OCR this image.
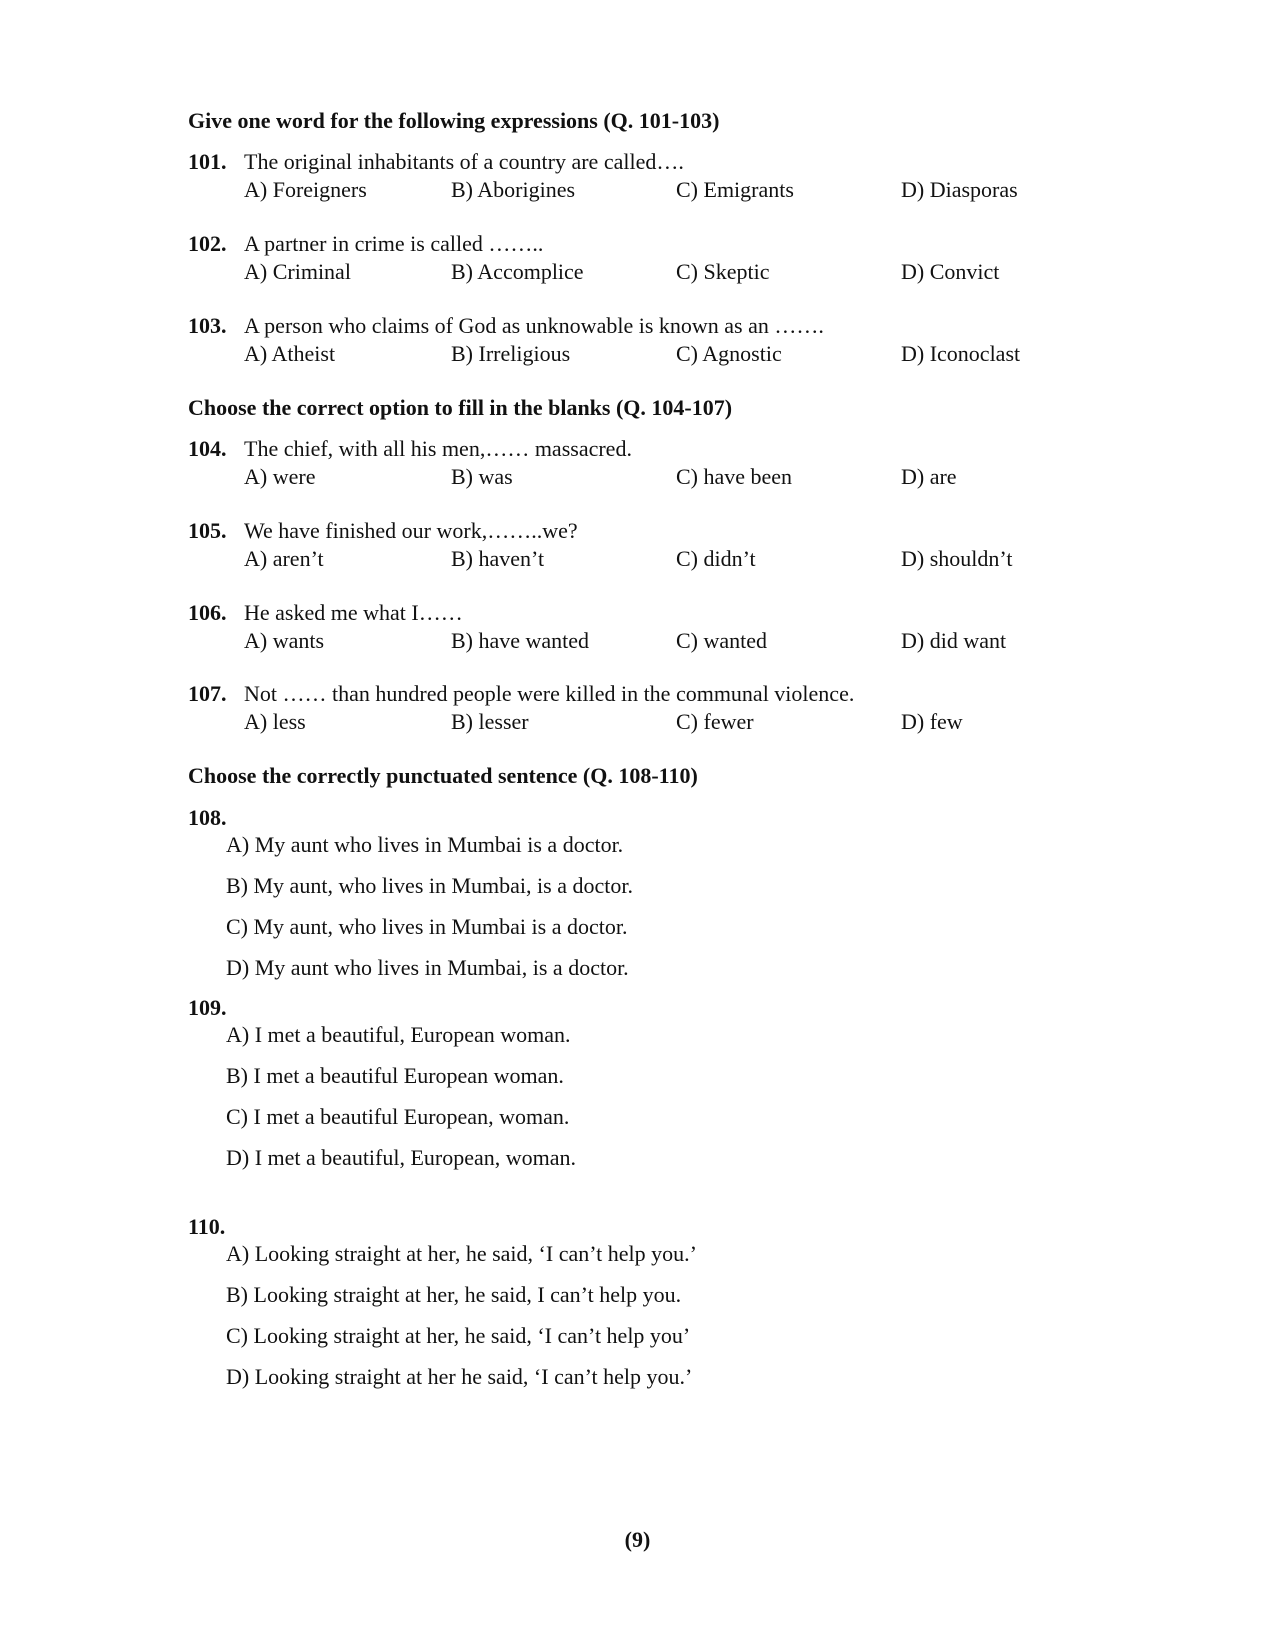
Give one word for the following expressions (Q. 101-103)
101. The original inhabitants of a country are called….
A) Foreigners	B) Aborigines	C) Emigrants	D) Diasporas
102. A partner in crime is called ……..
A) Criminal	B) Accomplice	C) Skeptic	D) Convict
103. A person who claims of God as unknowable is known as an …….
A) Atheist	B) Irreligious	C) Agnostic	D) Iconoclast
Choose the correct option to fill in the blanks (Q. 104-107)
104. The chief, with all his men,…… massacred.
A) were	B) was	C) have been	D) are
105. We have finished our work,……..we?
A) aren’t	B) haven’t	C) didn’t	D) shouldn’t
106. He asked me what I……
A) wants	B) have wanted	C) wanted	D) did want
107. Not …… than hundred people were killed in the communal violence.
A) less	B) lesser	C) fewer	D) few
Choose the correctly punctuated sentence (Q. 108-110)
108.
A) My aunt who lives in Mumbai is a doctor.
B) My aunt, who lives in Mumbai, is a doctor.
C) My aunt, who lives in Mumbai is a doctor.
D) My aunt who lives in Mumbai, is a doctor.
109.
A) I met a beautiful, European woman.
B) I met a beautiful European woman.
C) I met a beautiful European, woman.
D) I met a beautiful, European, woman.
110.
A) Looking straight at her, he said, ‘I can’t help you.’
B) Looking straight at her, he said, I can’t help you.
C) Looking straight at her, he said, ‘I can’t help you’
D) Looking straight at her he said, ‘I can’t help you.’
(9)
